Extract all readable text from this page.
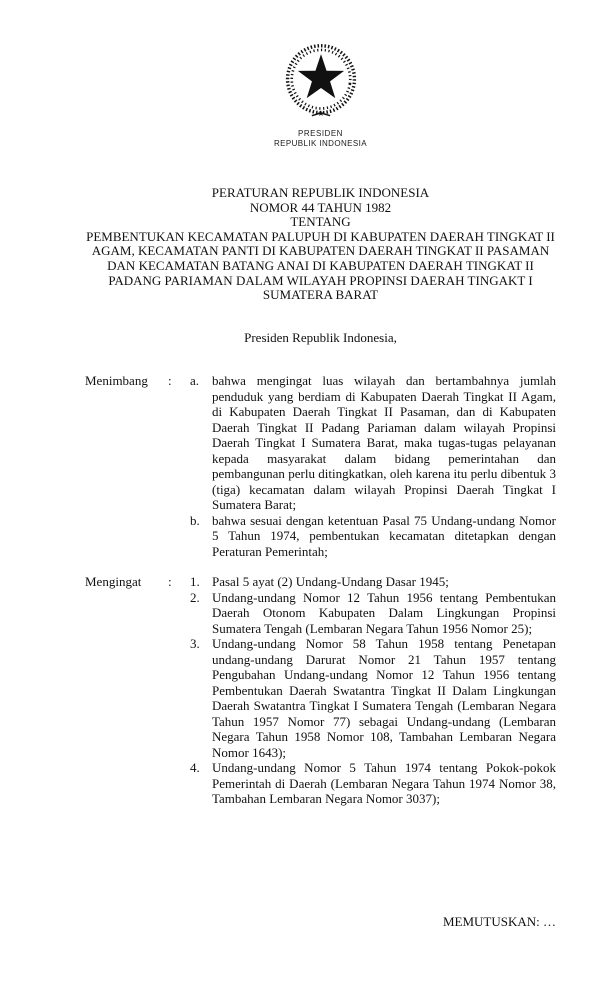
PRESIDEN
REPUBLIK INDONESIA
PERATURAN REPUBLIK INDONESIA
NOMOR 44 TAHUN 1982
TENTANG
PEMBENTUKAN KECAMATAN PALUPUH DI KABUPATEN DAERAH TINGKAT II AGAM, KECAMATAN PANTI DI KABUPATEN DAERAH TINGKAT II PASAMAN DAN KECAMATAN BATANG ANAI DI KABUPATEN DAERAH TINGKAT II PADANG PARIAMAN DALAM WILAYAH PROPINSI DAERAH TINGAKT I SUMATERA BARAT
Presiden Republik Indonesia,
Menimbang	:	a. bahwa mengingat luas wilayah dan bertambahnya jumlah penduduk yang berdiam di Kabupaten Daerah Tingkat II Agam, di Kabupaten Daerah Tingkat II Pasaman, dan di Kabupaten Daerah Tingkat II Padang Pariaman dalam wilayah Propinsi Daerah Tingkat I Sumatera Barat, maka tugas-tugas pelayanan kepada masyarakat dalam bidang pemerintahan dan pembangunan perlu ditingkatkan, oleh karena itu perlu dibentuk 3 (tiga) kecamatan dalam wilayah Propinsi Daerah Tingkat I Sumatera Barat;
b. bahwa sesuai dengan ketentuan Pasal 75 Undang-undang Nomor 5 Tahun 1974, pembentukan kecamatan ditetapkan dengan Peraturan Pemerintah;
Mengingat	:	1. Pasal 5 ayat (2) Undang-Undang Dasar 1945;
2. Undang-undang Nomor 12 Tahun 1956 tentang Pembentukan Daerah Otonom Kabupaten Dalam Lingkungan Propinsi Sumatera Tengah (Lembaran Negara Tahun 1956 Nomor 25);
3. Undang-undang Nomor 58 Tahun 1958 tentang Penetapan undang-undang Darurat Nomor 21 Tahun 1957 tentang Pengubahan Undang-undang Nomor 12 Tahun 1956 tentang Pembentukan Daerah Swatantra Tingkat II Dalam Lingkungan Daerah Swatantra Tingkat I Sumatera Tengah (Lembaran Negara Tahun 1957 Nomor 77) sebagai Undang-undang (Lembaran Negara Tahun 1958 Nomor 108, Tambahan Lembaran Negara Nomor 1643);
4. Undang-undang Nomor 5 Tahun 1974 tentang Pokok-pokok Pemerintah di Daerah (Lembaran Negara Tahun 1974 Nomor 38, Tambahan Lembaran Negara Nomor 3037);
MEMUTUSKAN: …
